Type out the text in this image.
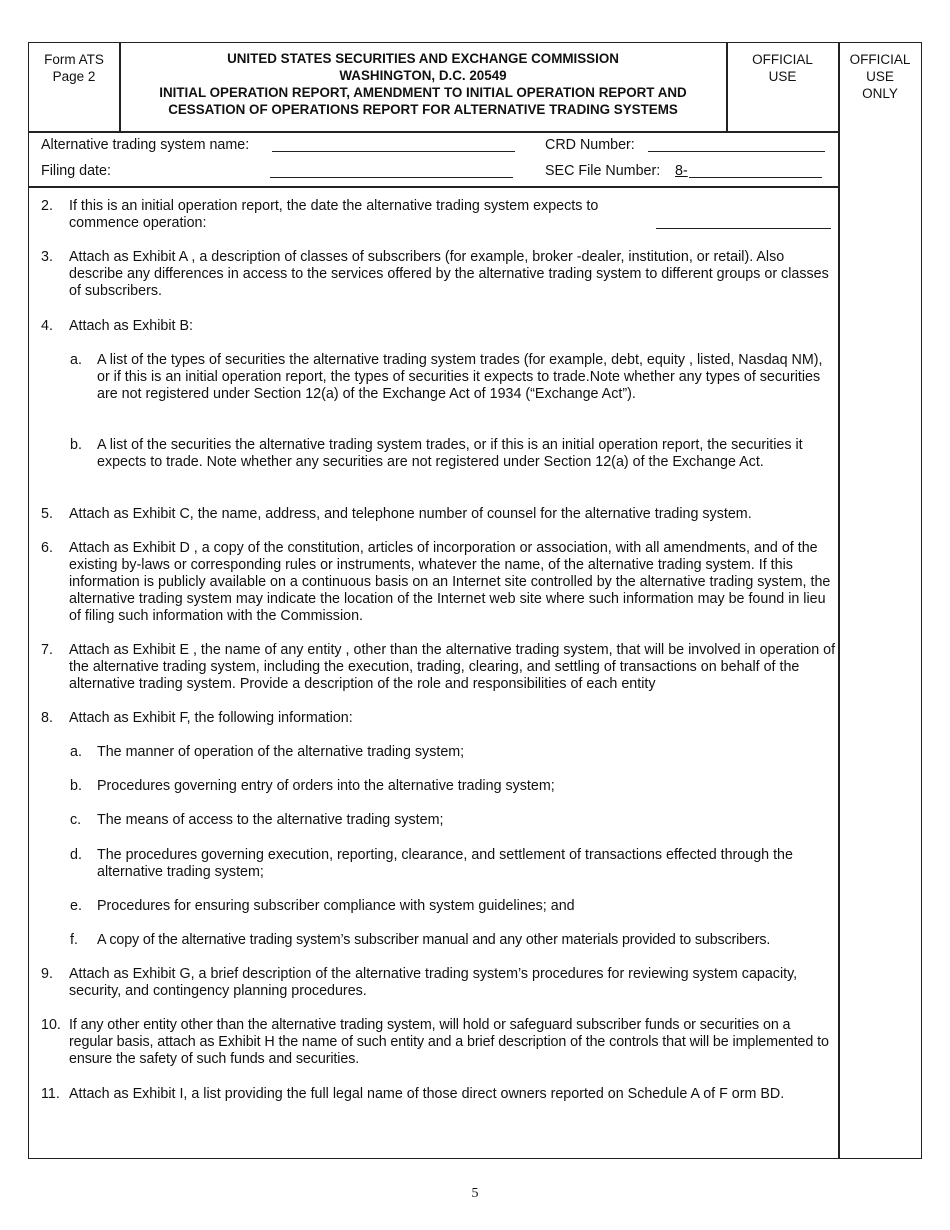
Form ATS
Page 2
UNITED STATES SECURITIES AND EXCHANGE COMMISSION
WASHINGTON, D.C. 20549
INITIAL OPERATION REPORT, AMENDMENT TO INITIAL OPERATION REPORT AND
CESSATION OF OPERATIONS REPORT FOR ALTERNATIVE TRADING SYSTEMS
OFFICIAL
USE
OFFICIAL
USE
ONLY
Alternative trading system name:	CRD Number:
Filing date:	SEC File Number: 8-
2. If this is an initial operation report, the date the alternative trading system expects to commence operation:
3. Attach as Exhibit A , a description of classes of subscribers (for example, broker -dealer, institution, or retail). Also describe any differences in access to the services offered by the alternative trading system to different groups or classes of subscribers.
4. Attach as Exhibit B:
a. A list of the types of securities the alternative trading system trades (for example, debt, equity , listed, Nasdaq NM), or if this is an initial operation report, the types of securities it expects to trade.Note whether any types of securities are not registered under Section 12(a) of the Exchange Act of 1934 (“Exchange Act”).
b. A list of the securities the alternative trading system trades, or if this is an initial operation report, the securities it expects to trade. Note whether any securities are not registered under Section 12(a) of the Exchange Act.
5. Attach as Exhibit C, the name, address, and telephone number of counsel for the alternative trading system.
6. Attach as Exhibit D , a copy of the constitution, articles of incorporation or association, with all amendments, and of the existing by-laws or corresponding rules or instruments, whatever the name, of the alternative trading system. If this information is publicly available on a continuous basis on an Internet site controlled by the alternative trading system, the alternative trading system may indicate the location of the Internet web site where such information may be found in lieu of filing such information with the Commission.
7. Attach as Exhibit E , the name of any entity , other than the alternative trading system, that will be involved in operation of the alternative trading system, including the execution, trading, clearing, and settling of transactions on behalf of the alternative trading system. Provide a description of the role and responsibilities of each entity
8. Attach as Exhibit F, the following information:
a. The manner of operation of the alternative trading system;
b. Procedures governing entry of orders into the alternative trading system;
c. The means of access to the alternative trading system;
d. The procedures governing execution, reporting, clearance, and settlement of transactions effected through the alternative trading system;
e. Procedures for ensuring subscriber compliance with system guidelines; and
f. A copy of the alternative trading system’s subscriber manual and any other materials provided to subscribers.
9. Attach as Exhibit G, a brief description of the alternative trading system’s procedures for reviewing system capacity, security, and contingency planning procedures.
10. If any other entity other than the alternative trading system, will hold or safeguard subscriber funds or securities on a regular basis, attach as Exhibit H the name of such entity and a brief description of the controls that will be implemented to ensure the safety of such funds and securities.
11. Attach as Exhibit I, a list providing the full legal name of those direct owners reported on Schedule A of F orm BD.
5
